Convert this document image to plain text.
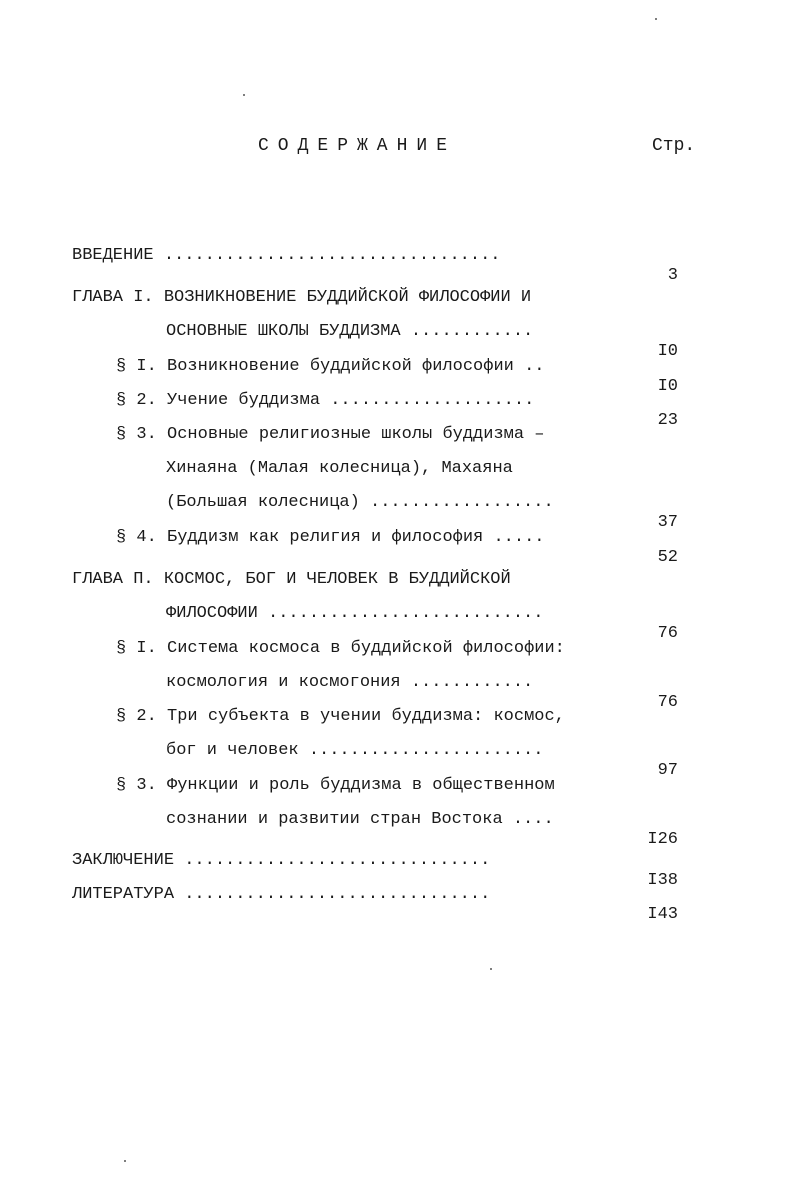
СОДЕРЖАНИЕ	Стр.

ВВЕДЕНИЕ .................................

3

ГЛАВА I. ВОЗНИКНОВЕНИЕ БУДДИЙСКОЙ ФИЛОСОФИИ И

ОСНОВНЫЕ ШКОЛЫ БУДДИЗМА ............

I0

§ I. Возникновение буддийской философии ..

I0

§ 2. Учение буддизма ....................

23

§ 3. Основные религиозные школы буддизма –

Хинаяна (Малая колесница), Махаяна

(Большая колесница) ..................

37

§ 4. Буддизм как религия и философия .....

52

ГЛАВА П. КОСМОС, БОГ И ЧЕЛОВЕК В БУДДИЙСКОЙ

ФИЛОСОФИИ ...........................

76

§ I. Система космоса в буддийской философии:

космология и космогония ............

76

§ 2. Три субъекта в учении буддизма: космос,

бог и человек .......................

97

§ 3. Функции и роль буддизма в общественном

сознании и развитии стран Востока ....

I26

ЗАКЛЮЧЕНИЕ ..............................

I38

ЛИТЕРАТУРА ..............................

I43
